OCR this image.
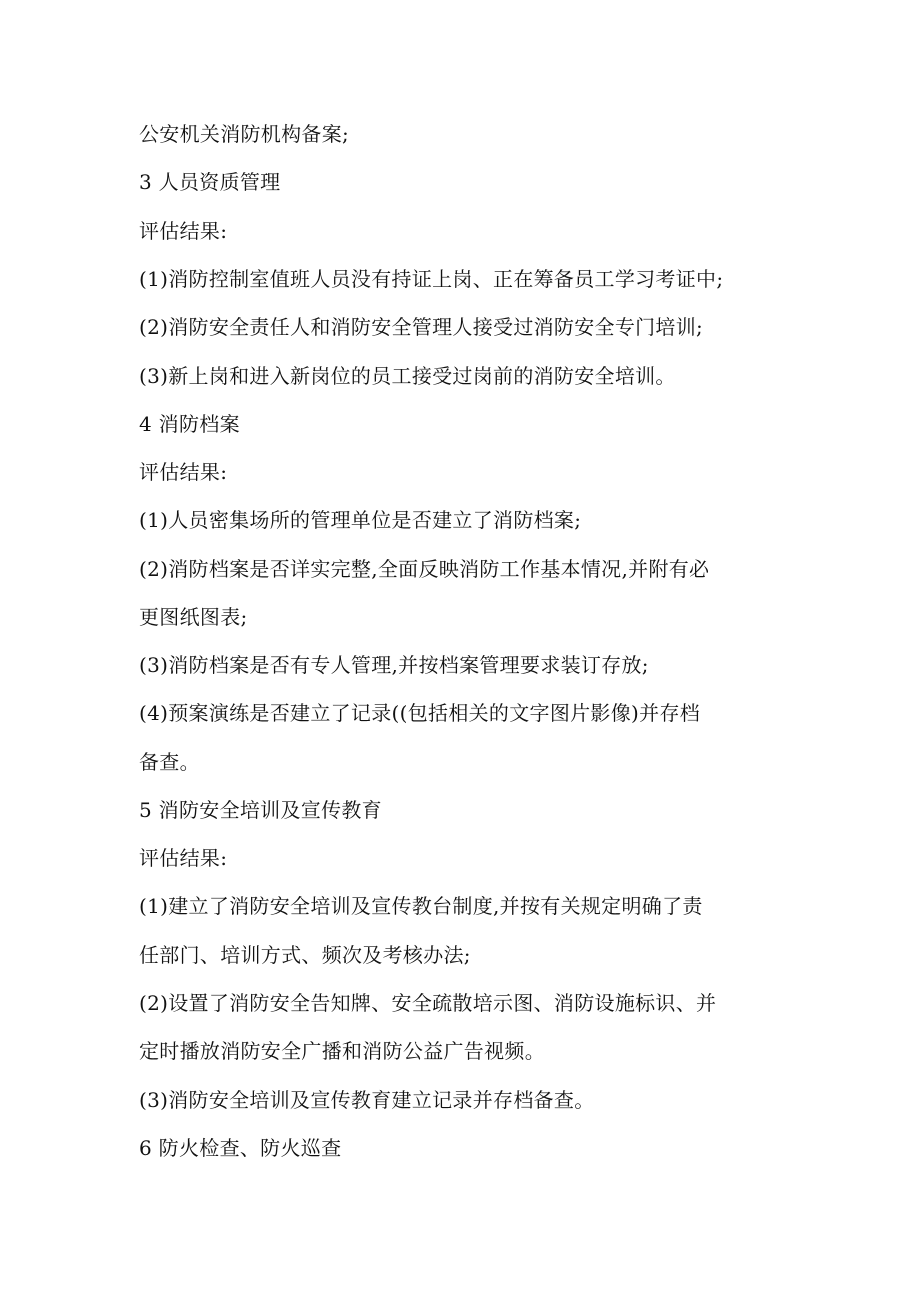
公安机关消防机构备案;
3 人员资质管理
评估结果:
(1)消防控制室值班人员没有持证上岗、正在筹备员工学习考证中;
(2)消防安全责任人和消防安全管理人接受过消防安全专门培训;
(3)新上岗和进入新岗位的员工接受过岗前的消防安全培训。
4 消防档案
评估结果:
(1)人员密集场所的管理单位是否建立了消防档案;
(2)消防档案是否详实完整,全面反映消防工作基本情况,并附有必
更图纸图表;
(3)消防档案是否有专人管理,并按档案管理要求装订存放;
(4)预案演练是否建立了记录((包括相关的文字图片影像)并存档
备查。
5 消防安全培训及宣传教育
评估结果:
(1)建立了消防安全培训及宣传教台制度,并按有关规定明确了责
任部门、培训方式、频次及考核办法;
(2)设置了消防安全告知牌、安全疏散培示图、消防设施标识、并
定时播放消防安全广播和消防公益广告视频。
(3)消防安全培训及宣传教育建立记录并存档备查。
6 防火检查、防火巡查
